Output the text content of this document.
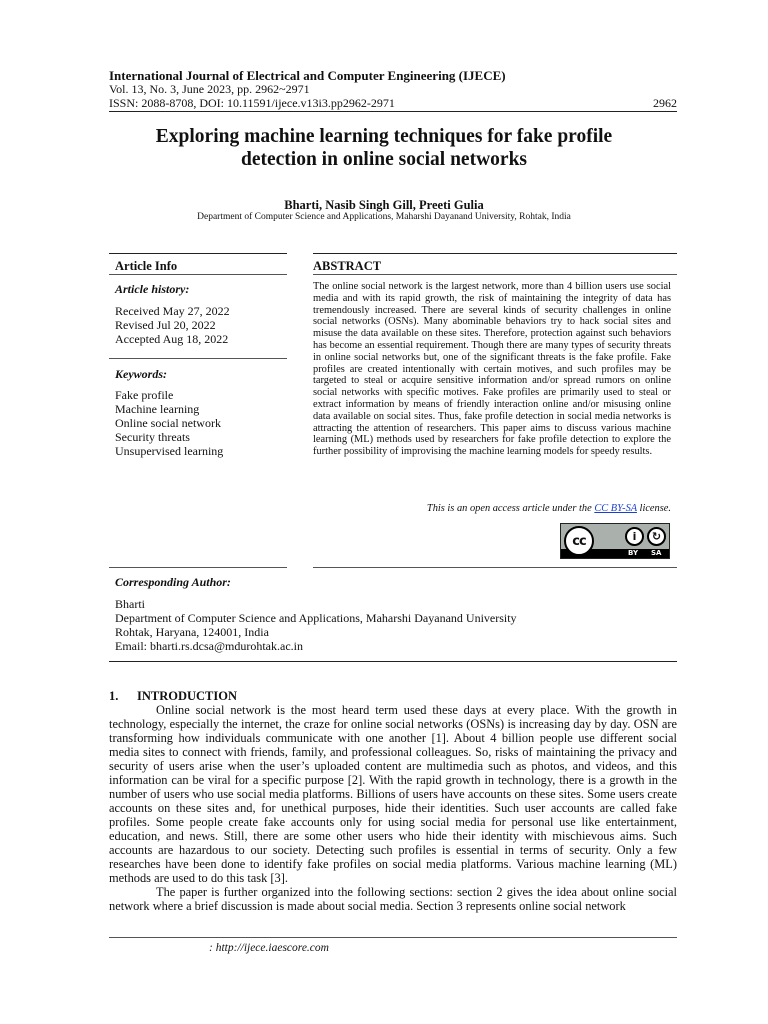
International Journal of Electrical and Computer Engineering (IJECE)
Vol. 13, No. 3, June 2023, pp. 2962~2971
ISSN: 2088-8708, DOI: 10.11591/ijece.v13i3.pp2962-2971	2962
Exploring machine learning techniques for fake profile
detection in online social networks
Bharti, Nasib Singh Gill, Preeti Gulia
Department of Computer Science and Applications, Maharshi Dayanand University, Rohtak, India
Article Info	ABSTRACT
Article history:
Received May 27, 2022
Revised Jul 20, 2022
Accepted Aug 18, 2022
Keywords:
Fake profile
Machine learning
Online social network
Security threats
Unsupervised learning
The online social network is the largest network, more than 4 billion users use social media and with its rapid growth, the risk of maintaining the integrity of data has tremendously increased. There are several kinds of security challenges in online social networks (OSNs). Many abominable behaviors try to hack social sites and misuse the data available on these sites. Therefore, protection against such behaviors has become an essential requirement. Though there are many types of security threats in online social networks but, one of the significant threats is the fake profile. Fake profiles are created intentionally with certain motives, and such profiles may be targeted to steal or acquire sensitive information and/or spread rumors on online social networks with specific motives. Fake profiles are primarily used to steal or extract information by means of friendly interaction online and/or misusing online data available on social sites. Thus, fake profile detection in social media networks is attracting the attention of researchers. This paper aims to discuss various machine learning (ML) methods used by researchers for fake profile detection to explore the further possibility of improvising the machine learning models for speedy results.
This is an open access article under the CC BY-SA license.
cc	i	↻
BY SA
Corresponding Author:
Bharti
Department of Computer Science and Applications, Maharshi Dayanand University
Rohtak, Haryana, 124001, India
Email: bharti.rs.dcsa@mdurohtak.ac.in
1. INTRODUCTION

Online social network is the most heard term used these days at every place. With the growth in technology, especially the internet, the craze for online social networks (OSNs) is increasing day by day. OSN are transforming how individuals communicate with one another [1]. About 4 billion people use different social media sites to connect with friends, family, and professional colleagues. So, risks of maintaining the privacy and security of users arise when the user’s uploaded content are multimedia such as photos, and videos, and this information can be viral for a specific purpose [2]. With the rapid growth in technology, there is a growth in the number of users who use social media platforms. Billions of users have accounts on these sites. Some users create accounts on these sites and, for unethical purposes, hide their identities. Such user accounts are called fake profiles. Some people create fake accounts only for using social media for personal use like entertainment, education, and news. Still, there are some other users who hide their identity with mischievous aims. Such accounts are hazardous to our society. Detecting such profiles is essential in terms of security. Only a few researches have been done to identify fake profiles on social media platforms. Various machine learning (ML) methods are used to do this task [3].

The paper is further organized into the following sections: section 2 gives the idea about online social network where a brief discussion is made about social media. Section 3 represents online social network

: http://ijece.iaescore.com
